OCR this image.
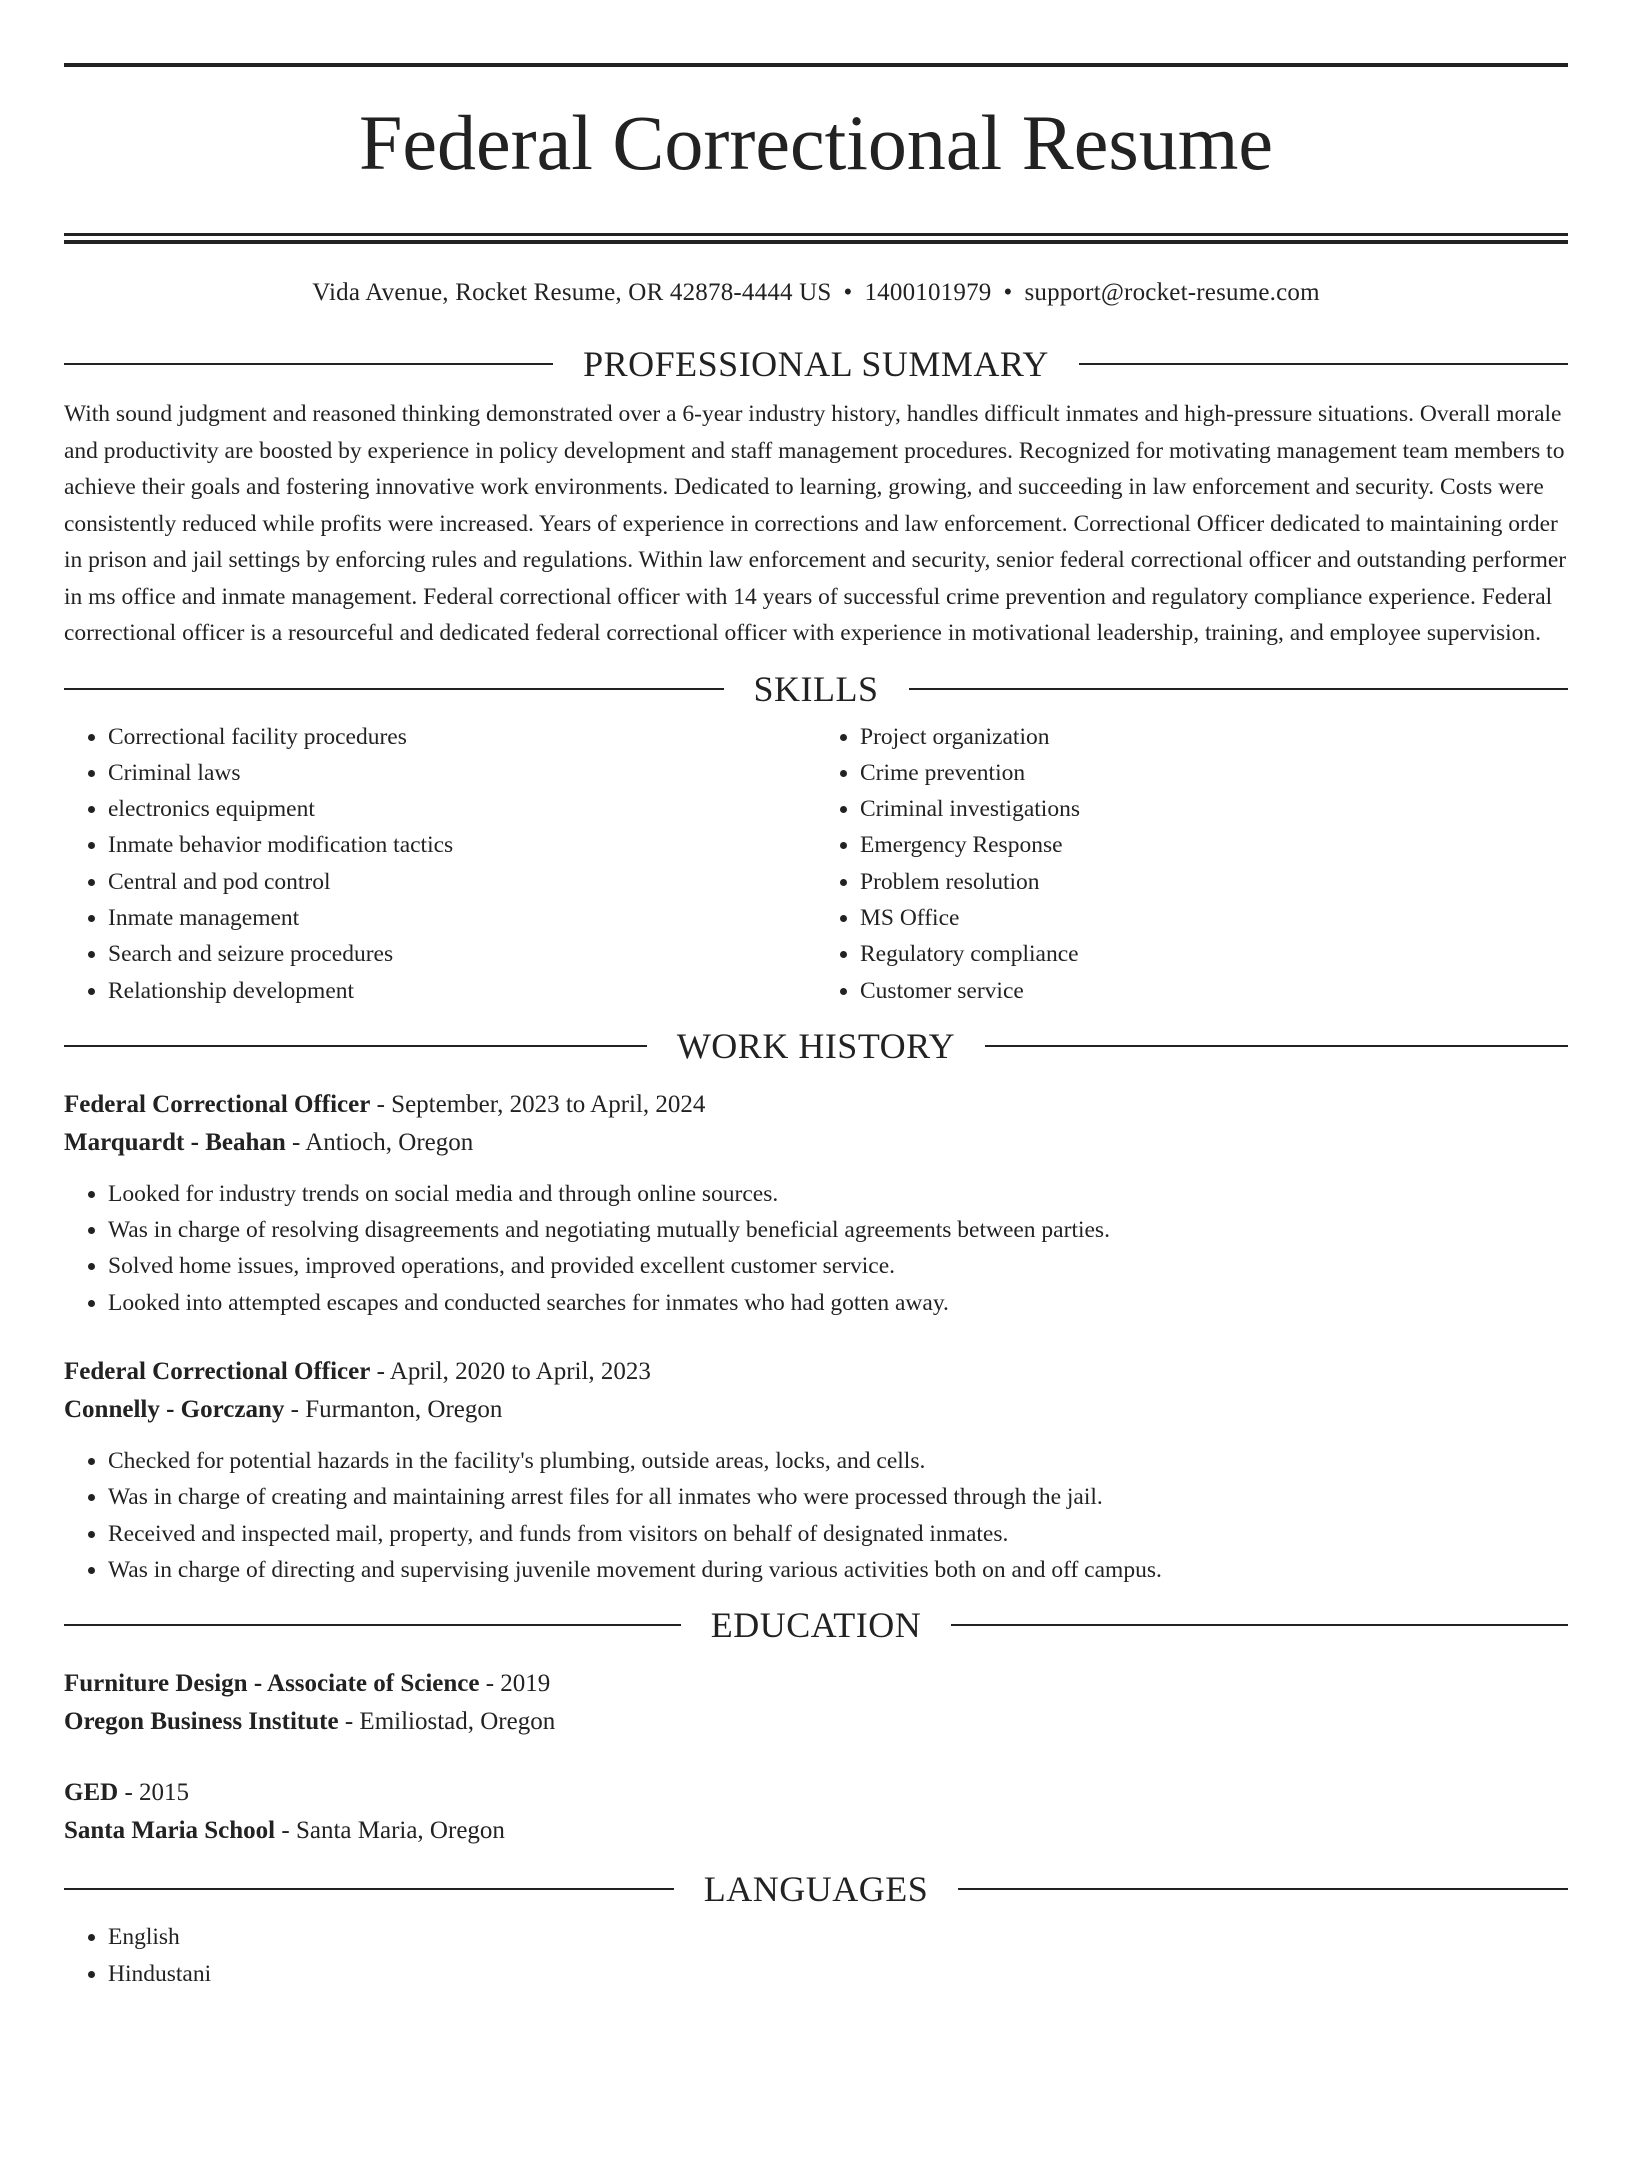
Federal Correctional Resume
Vida Avenue, Rocket Resume, OR 42878-4444 US • 1400101979 • support@rocket-resume.com
PROFESSIONAL SUMMARY

With sound judgment and reasoned thinking demonstrated over a 6-year industry history, handles difficult inmates and high-pressure situations. Overall morale and productivity are boosted by experience in policy development and staff management procedures. Recognized for motivating management team members to achieve their goals and fostering innovative work environments. Dedicated to learning, growing, and succeeding in law enforcement and security. Costs were consistently reduced while profits were increased. Years of experience in corrections and law enforcement. Correctional Officer dedicated to maintaining order in prison and jail settings by enforcing rules and regulations. Within law enforcement and security, senior federal correctional officer and outstanding performer in ms office and inmate management. Federal correctional officer with 14 years of successful crime prevention and regulatory compliance experience. Federal correctional officer is a resourceful and dedicated federal correctional officer with experience in motivational leadership, training, and employee supervision.

SKILLS
• Correctional facility procedures
• Criminal laws
• electronics equipment
• Inmate behavior modification tactics
• Central and pod control
• Inmate management
• Search and seizure procedures
• Relationship development
• Project organization
• Crime prevention
• Criminal investigations
• Emergency Response
• Problem resolution
• MS Office
• Regulatory compliance
• Customer service
WORK HISTORY
Federal Correctional Officer - September, 2023 to April, 2024
Marquardt - Beahan - Antioch, Oregon
• Looked for industry trends on social media and through online sources.
• Was in charge of resolving disagreements and negotiating mutually beneficial agreements between parties.
• Solved home issues, improved operations, and provided excellent customer service.
• Looked into attempted escapes and conducted searches for inmates who had gotten away.
Federal Correctional Officer - April, 2020 to April, 2023
Connelly - Gorczany - Furmanton, Oregon
• Checked for potential hazards in the facility's plumbing, outside areas, locks, and cells.
• Was in charge of creating and maintaining arrest files for all inmates who were processed through the jail.
• Received and inspected mail, property, and funds from visitors on behalf of designated inmates.
• Was in charge of directing and supervising juvenile movement during various activities both on and off campus.
EDUCATION
Furniture Design - Associate of Science - 2019
Oregon Business Institute - Emiliostad, Oregon
GED - 2015
Santa Maria School - Santa Maria, Oregon
LANGUAGES
• English
• Hindustani
